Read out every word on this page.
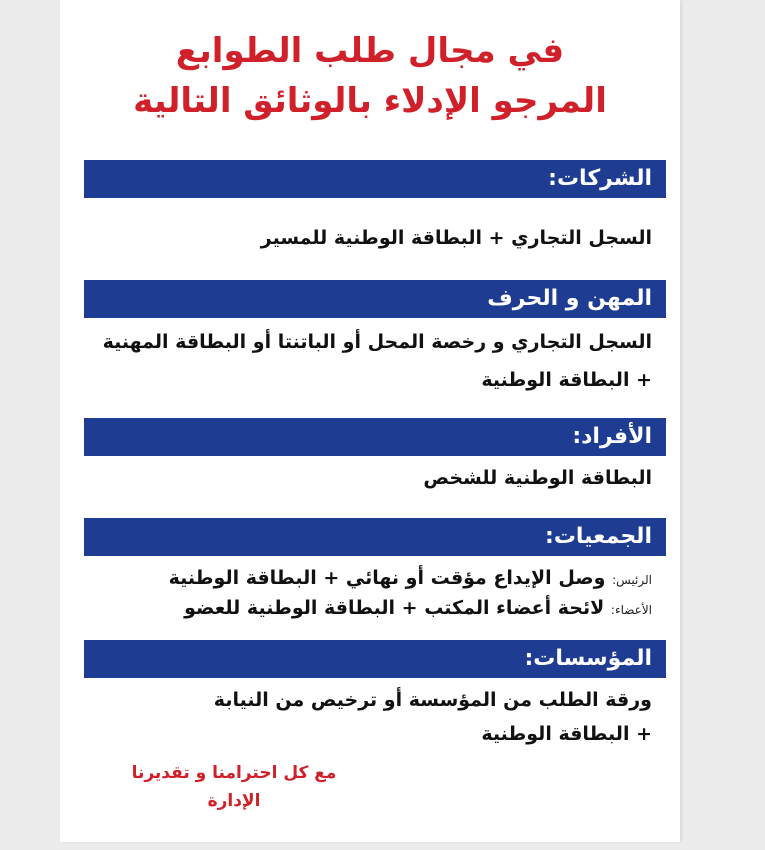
في مجال طلب الطوابع
المرجو الإدلاء بالوثائق التالية
الشركات:

السجل التجاري + البطاقة الوطنية للمسير

المهن و الحرف

السجل التجاري و رخصة المحل أو الباتنتا أو البطاقة المهنية

+ البطاقة الوطنية

الأفراد:

البطاقة الوطنية للشخص

الجمعيات:

الرئيس: وصل الإيداع مؤقت أو نهائي + البطاقة الوطنية

الأعضاء: لائحة أعضاء المكتب + البطاقة الوطنية للعضو

المؤسسات:

ورقة الطلب من المؤسسة أو ترخيص من النيابة

+ البطاقة الوطنية

مع كل احترامنا و تقديرنا

الإدارة
